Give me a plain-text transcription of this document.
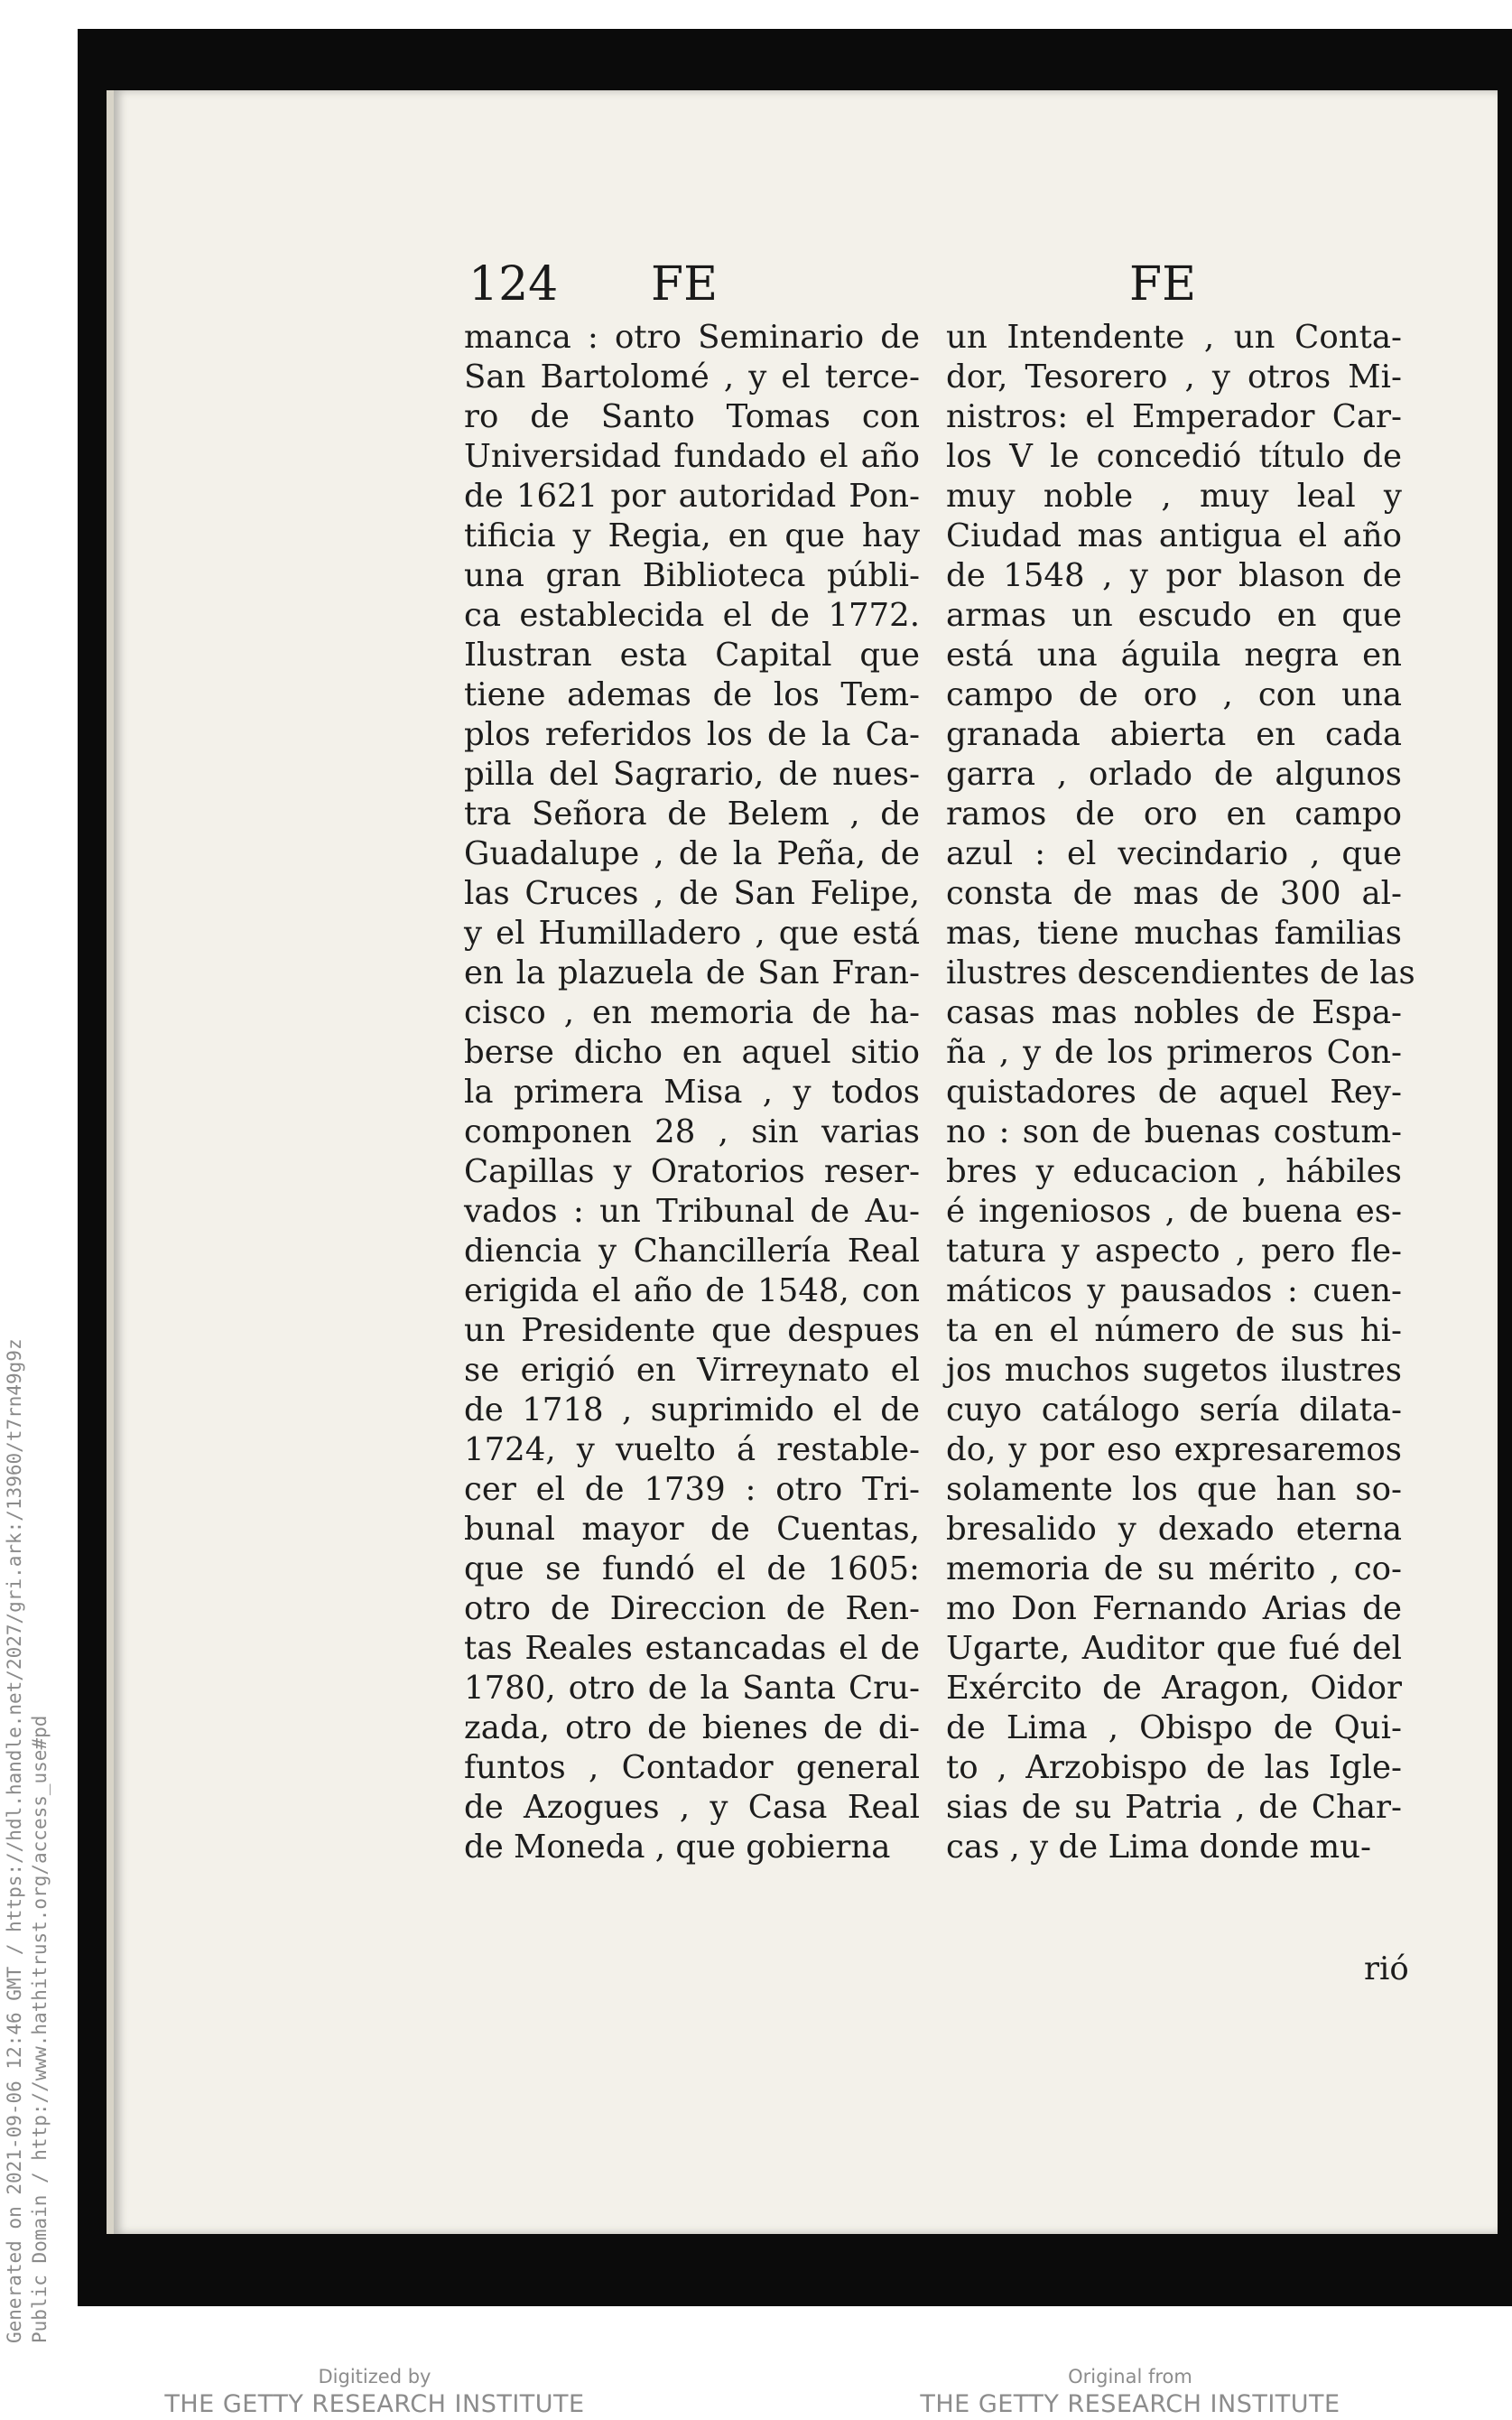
Generated on 2021-09-06 12:46 GMT / https://hdl.handle.net/2027/gri.ark:/13960/t7rn49g9z Public Domain / http://www.hathitrust.org/access_use#pd
124 FE	FE
manca : otro Seminario de
San Bartolomé , y el terce-
ro de Santo Tomas con
Universidad fundado el año
de 1621 por autoridad Pon-
tificia y Regia, en que hay
una gran Biblioteca públi-
ca establecida el de 1772.
Ilustran esta Capital que
tiene ademas de los Tem-
plos referidos los de la Ca-
pilla del Sagrario, de nues-
tra Señora de Belem , de
Guadalupe , de la Peña, de
las Cruces , de San Felipe,
y el Humilladero , que está
en la plazuela de San Fran-
cisco , en memoria de ha-
berse dicho en aquel sitio
la primera Misa , y todos
componen 28 , sin varias
Capillas y Oratorios reser-
vados : un Tribunal de Au-
diencia y Chancillería Real
erigida el año de 1548, con
un Presidente que despues
se erigió en Virreynato el
de 1718 , suprimido el de
1724, y vuelto á restable-
cer el de 1739 : otro Tri-
bunal mayor de Cuentas,
que se fundó el de 1605:
otro de Direccion de Ren-
tas Reales estancadas el de
1780, otro de la Santa Cru-
zada, otro de bienes de di-
funtos , Contador general
de Azogues , y Casa Real
de Moneda , que gobierna
un Intendente , un Conta-
dor, Tesorero , y otros Mi-
nistros: el Emperador Car-
los V le concedió título de
muy noble , muy leal y
Ciudad mas antigua el año
de 1548 , y por blason de
armas un escudo en que
está una águila negra en
campo de oro , con una
granada abierta en cada
garra , orlado de algunos
ramos de oro en campo
azul : el vecindario , que
consta de mas de 300 al-
mas, tiene muchas familias
ilustres descendientes de las
casas mas nobles de Espa-
ña , y de los primeros Con-
quistadores de aquel Rey-
no : son de buenas costum-
bres y educacion , hábiles
é ingeniosos , de buena es-
tatura y aspecto , pero fle-
máticos y pausados : cuen-
ta en el número de sus hi-
jos muchos sugetos ilustres
cuyo catálogo sería dilata-
do, y por eso expresaremos
solamente los que han so-
bresalido y dexado eterna
memoria de su mérito , co-
mo Don Fernando Arias de
Ugarte, Auditor que fué del
Exército de Aragon, Oidor
de Lima , Obispo de Qui-
to , Arzobispo de las Igle-
sias de su Patria , de Char-
cas , y de Lima donde mu-
rió
Digitized by
THE GETTY RESEARCH INSTITUTE
Original from
THE GETTY RESEARCH INSTITUTE
